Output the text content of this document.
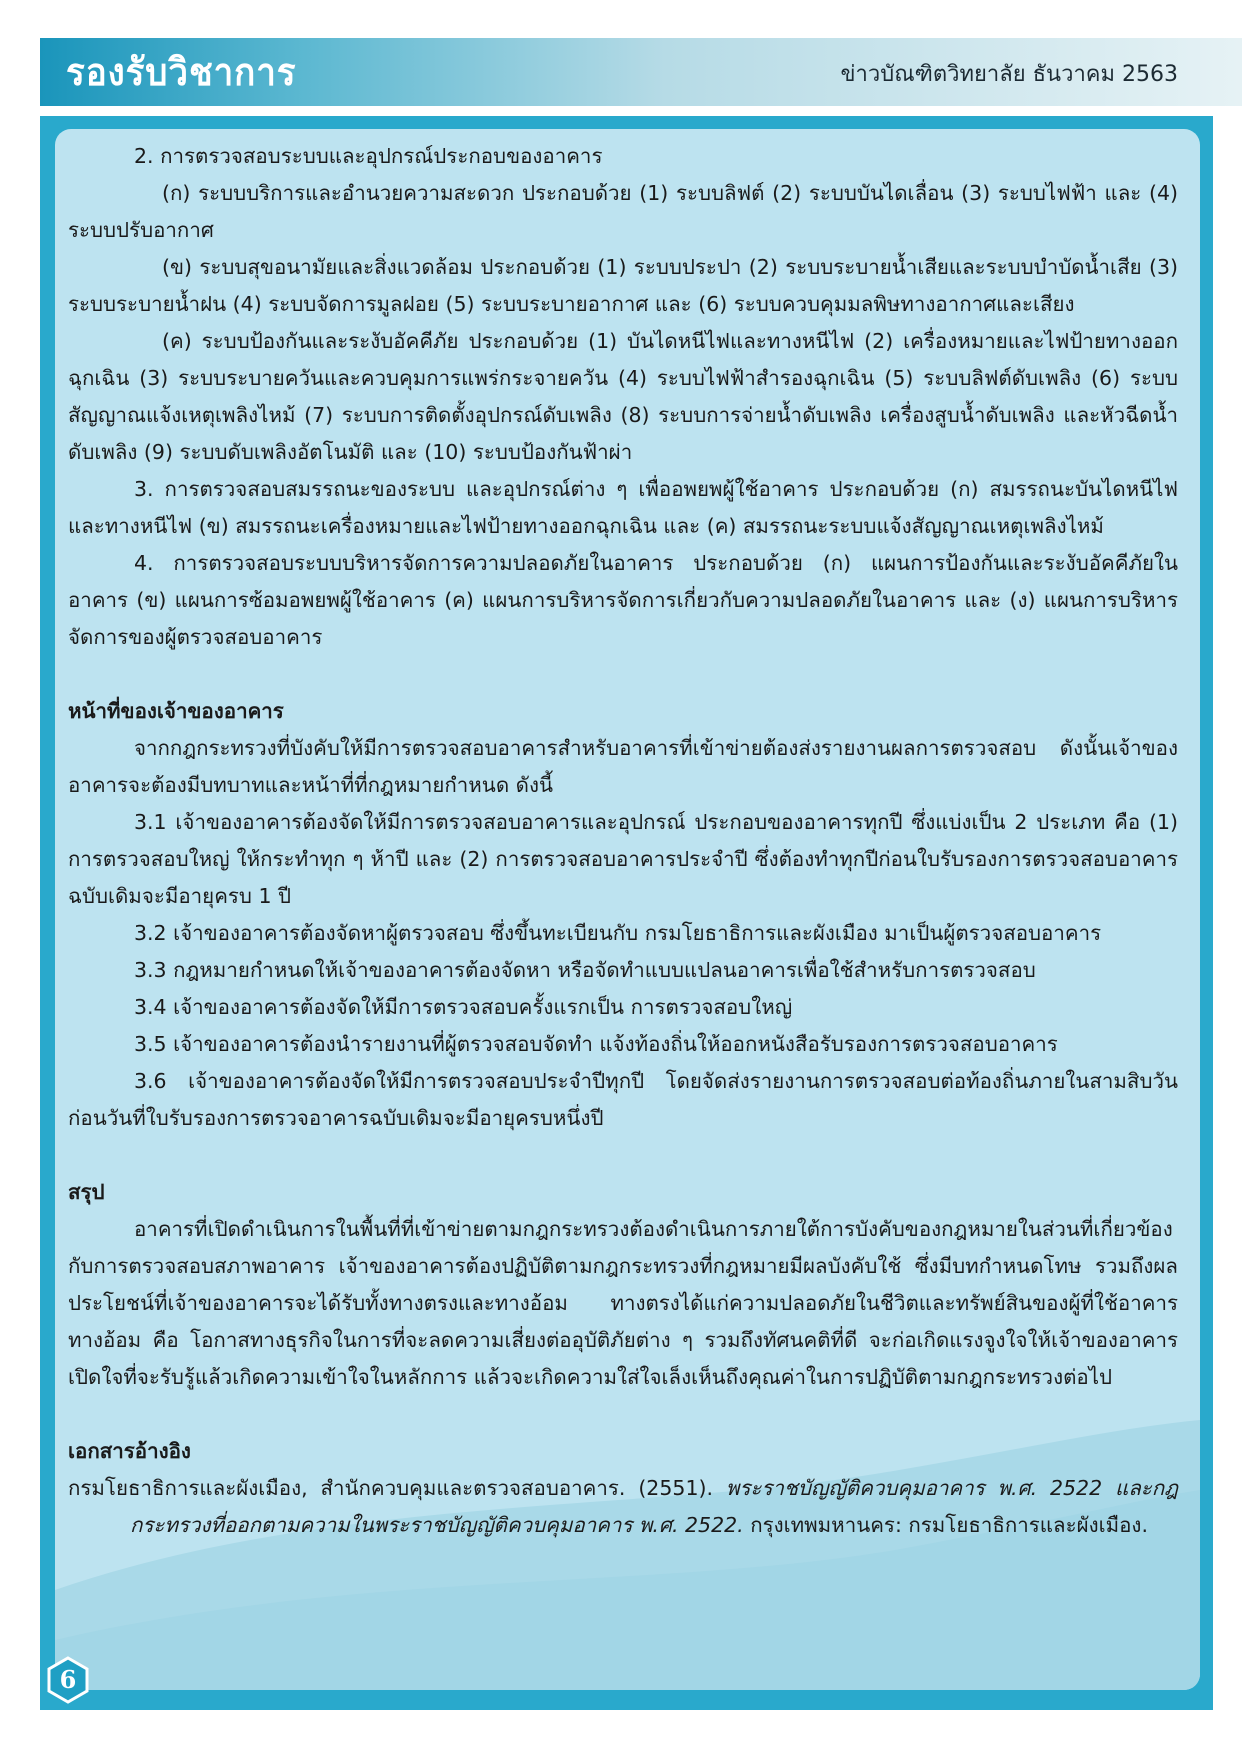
รองรับวิชาการ	ข่าวบัณฑิตวิทยาลัย ธันวาคม 2563

2. การตรวจสอบระบบและอุปกรณ์ประกอบของอาคาร

(ก) ระบบบริการและอำนวยความสะดวก ประกอบด้วย (1) ระบบลิฟต์ (2) ระบบบันไดเลื่อน (3) ระบบไฟฟ้า และ (4) ระบบปรับอากาศ

(ข) ระบบสุขอนามัยและสิ่งแวดล้อม ประกอบด้วย (1) ระบบประปา (2) ระบบระบายน้ำเสียและระบบบำบัดน้ำเสีย (3) ระบบระบายน้ำฝน (4) ระบบจัดการมูลฝอย (5) ระบบระบายอากาศ และ (6) ระบบควบคุมมลพิษทางอากาศและเสียง

(ค) ระบบป้องกันและระงับอัคคีภัย ประกอบด้วย (1) บันไดหนีไฟและทางหนีไฟ (2) เครื่องหมายและไฟป้ายทางออกฉุกเฉิน (3) ระบบระบายควันและควบคุมการแพร่กระจายควัน (4) ระบบไฟฟ้าสำรองฉุกเฉิน (5) ระบบลิฟต์ดับเพลิง (6) ระบบสัญญาณแจ้งเหตุเพลิงไหม้ (7) ระบบการติดตั้งอุปกรณ์ดับเพลิง (8) ระบบการจ่ายน้ำดับเพลิง เครื่องสูบน้ำดับเพลิง และหัวฉีดน้ำดับเพลิง (9) ระบบดับเพลิงอัตโนมัติ และ (10) ระบบป้องกันฟ้าผ่า

3. การตรวจสอบสมรรถนะของระบบ และอุปกรณ์ต่าง ๆ เพื่ออพยพผู้ใช้อาคาร ประกอบด้วย (ก) สมรรถนะบันไดหนีไฟและทางหนีไฟ (ข) สมรรถนะเครื่องหมายและไฟป้ายทางออกฉุกเฉิน และ (ค) สมรรถนะระบบแจ้งสัญญาณเหตุเพลิงไหม้

4. การตรวจสอบระบบบริหารจัดการความปลอดภัยในอาคาร ประกอบด้วย (ก) แผนการป้องกันและระงับอัคคีภัยในอาคาร (ข) แผนการซ้อมอพยพผู้ใช้อาคาร (ค) แผนการบริหารจัดการเกี่ยวกับความปลอดภัยในอาคาร และ (ง) แผนการบริหารจัดการของผู้ตรวจสอบอาคาร

หน้าที่ของเจ้าของอาคาร

จากกฎกระทรวงที่บังคับให้มีการตรวจสอบอาคารสำหรับอาคารที่เข้าข่ายต้องส่งรายงานผลการตรวจสอบ ดังนั้นเจ้าของอาคารจะต้องมีบทบาทและหน้าที่ที่กฎหมายกำหนด ดังนี้

3.1 เจ้าของอาคารต้องจัดให้มีการตรวจสอบอาคารและอุปกรณ์ ประกอบของอาคารทุกปี ซึ่งแบ่งเป็น 2 ประเภท คือ (1) การตรวจสอบใหญ่ ให้กระทำทุก ๆ ห้าปี และ (2) การตรวจสอบอาคารประจำปี ซึ่งต้องทำทุกปีก่อนใบรับรองการตรวจสอบอาคารฉบับเดิมจะมีอายุครบ 1 ปี

3.2 เจ้าของอาคารต้องจัดหาผู้ตรวจสอบ ซึ่งขึ้นทะเบียนกับ กรมโยธาธิการและผังเมือง มาเป็นผู้ตรวจสอบอาคาร

3.3 กฎหมายกำหนดให้เจ้าของอาคารต้องจัดหา หรือจัดทำแบบแปลนอาคารเพื่อใช้สำหรับการตรวจสอบ

3.4 เจ้าของอาคารต้องจัดให้มีการตรวจสอบครั้งแรกเป็น การตรวจสอบใหญ่

3.5 เจ้าของอาคารต้องนำรายงานที่ผู้ตรวจสอบจัดทำ แจ้งท้องถิ่นให้ออกหนังสือรับรองการตรวจสอบอาคาร

3.6 เจ้าของอาคารต้องจัดให้มีการตรวจสอบประจำปีทุกปี โดยจัดส่งรายงานการตรวจสอบต่อท้องถิ่นภายในสามสิบวันก่อนวันที่ใบรับรองการตรวจอาคารฉบับเดิมจะมีอายุครบหนึ่งปี

สรุป

อาคารที่เปิดดำเนินการในพื้นที่ที่เข้าข่ายตามกฎกระทรวงต้องดำเนินการภายใต้การบังคับของกฎหมายในส่วนที่เกี่ยวข้องกับการตรวจสอบสภาพอาคาร เจ้าของอาคารต้องปฏิบัติตามกฎกระทรวงที่กฎหมายมีผลบังคับใช้ ซึ่งมีบทกำหนดโทษ รวมถึงผลประโยชน์ที่เจ้าของอาคารจะได้รับทั้งทางตรงและทางอ้อม ทางตรงได้แก่ความปลอดภัยในชีวิตและทรัพย์สินของผู้ที่ใช้อาคาร ทางอ้อม คือ โอกาสทางธุรกิจในการที่จะลดความเสี่ยงต่ออุบัติภัยต่าง ๆ รวมถึงทัศนคติที่ดี จะก่อเกิดแรงจูงใจให้เจ้าของอาคารเปิดใจที่จะรับรู้แล้วเกิดความเข้าใจในหลักการ แล้วจะเกิดความใส่ใจเล็งเห็นถึงคุณค่าในการปฏิบัติตามกฎกระทรวงต่อไป

เอกสารอ้างอิง

กรมโยธาธิการและผังเมือง, สำนักควบคุมและตรวจสอบอาคาร. (2551). พระราชบัญญัติควบคุมอาคาร พ.ศ. 2522 และกฎกระทรวงที่ออกตามความในพระราชบัญญัติควบคุมอาคาร พ.ศ. 2522. กรุงเทพมหานคร: กรมโยธาธิการและผังเมือง.

6
